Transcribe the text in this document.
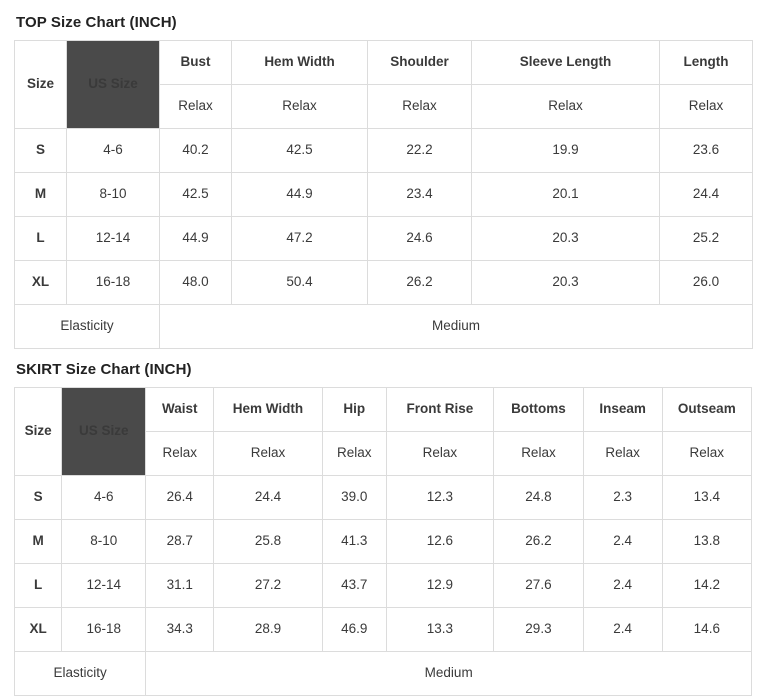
TOP Size Chart (INCH)
Size	US Size	Bust	Hem Width	Shoulder	Sleeve Length	Length
		Relax	Relax	Relax	Relax	Relax
S	4-6	40.2	42.5	22.2	19.9	23.6
M	8-10	42.5	44.9	23.4	20.1	24.4
L	12-14	44.9	47.2	24.6	20.3	25.2
XL	16-18	48.0	50.4	26.2	20.3	26.0
Elasticity		Medium				
SKIRT Size Chart (INCH)
Size	US Size	Waist	Hem Width	Hip	Front Rise	Bottoms	Inseam	Outseam
		Relax	Relax	Relax	Relax	Relax	Relax	Relax
S	4-6	26.4	24.4	39.0	12.3	24.8	2.3	13.4
M	8-10	28.7	25.8	41.3	12.6	26.2	2.4	13.8
L	12-14	31.1	27.2	43.7	12.9	27.6	2.4	14.2
XL	16-18	34.3	28.9	46.9	13.3	29.3	2.4	14.6
Elasticity		Medium						
